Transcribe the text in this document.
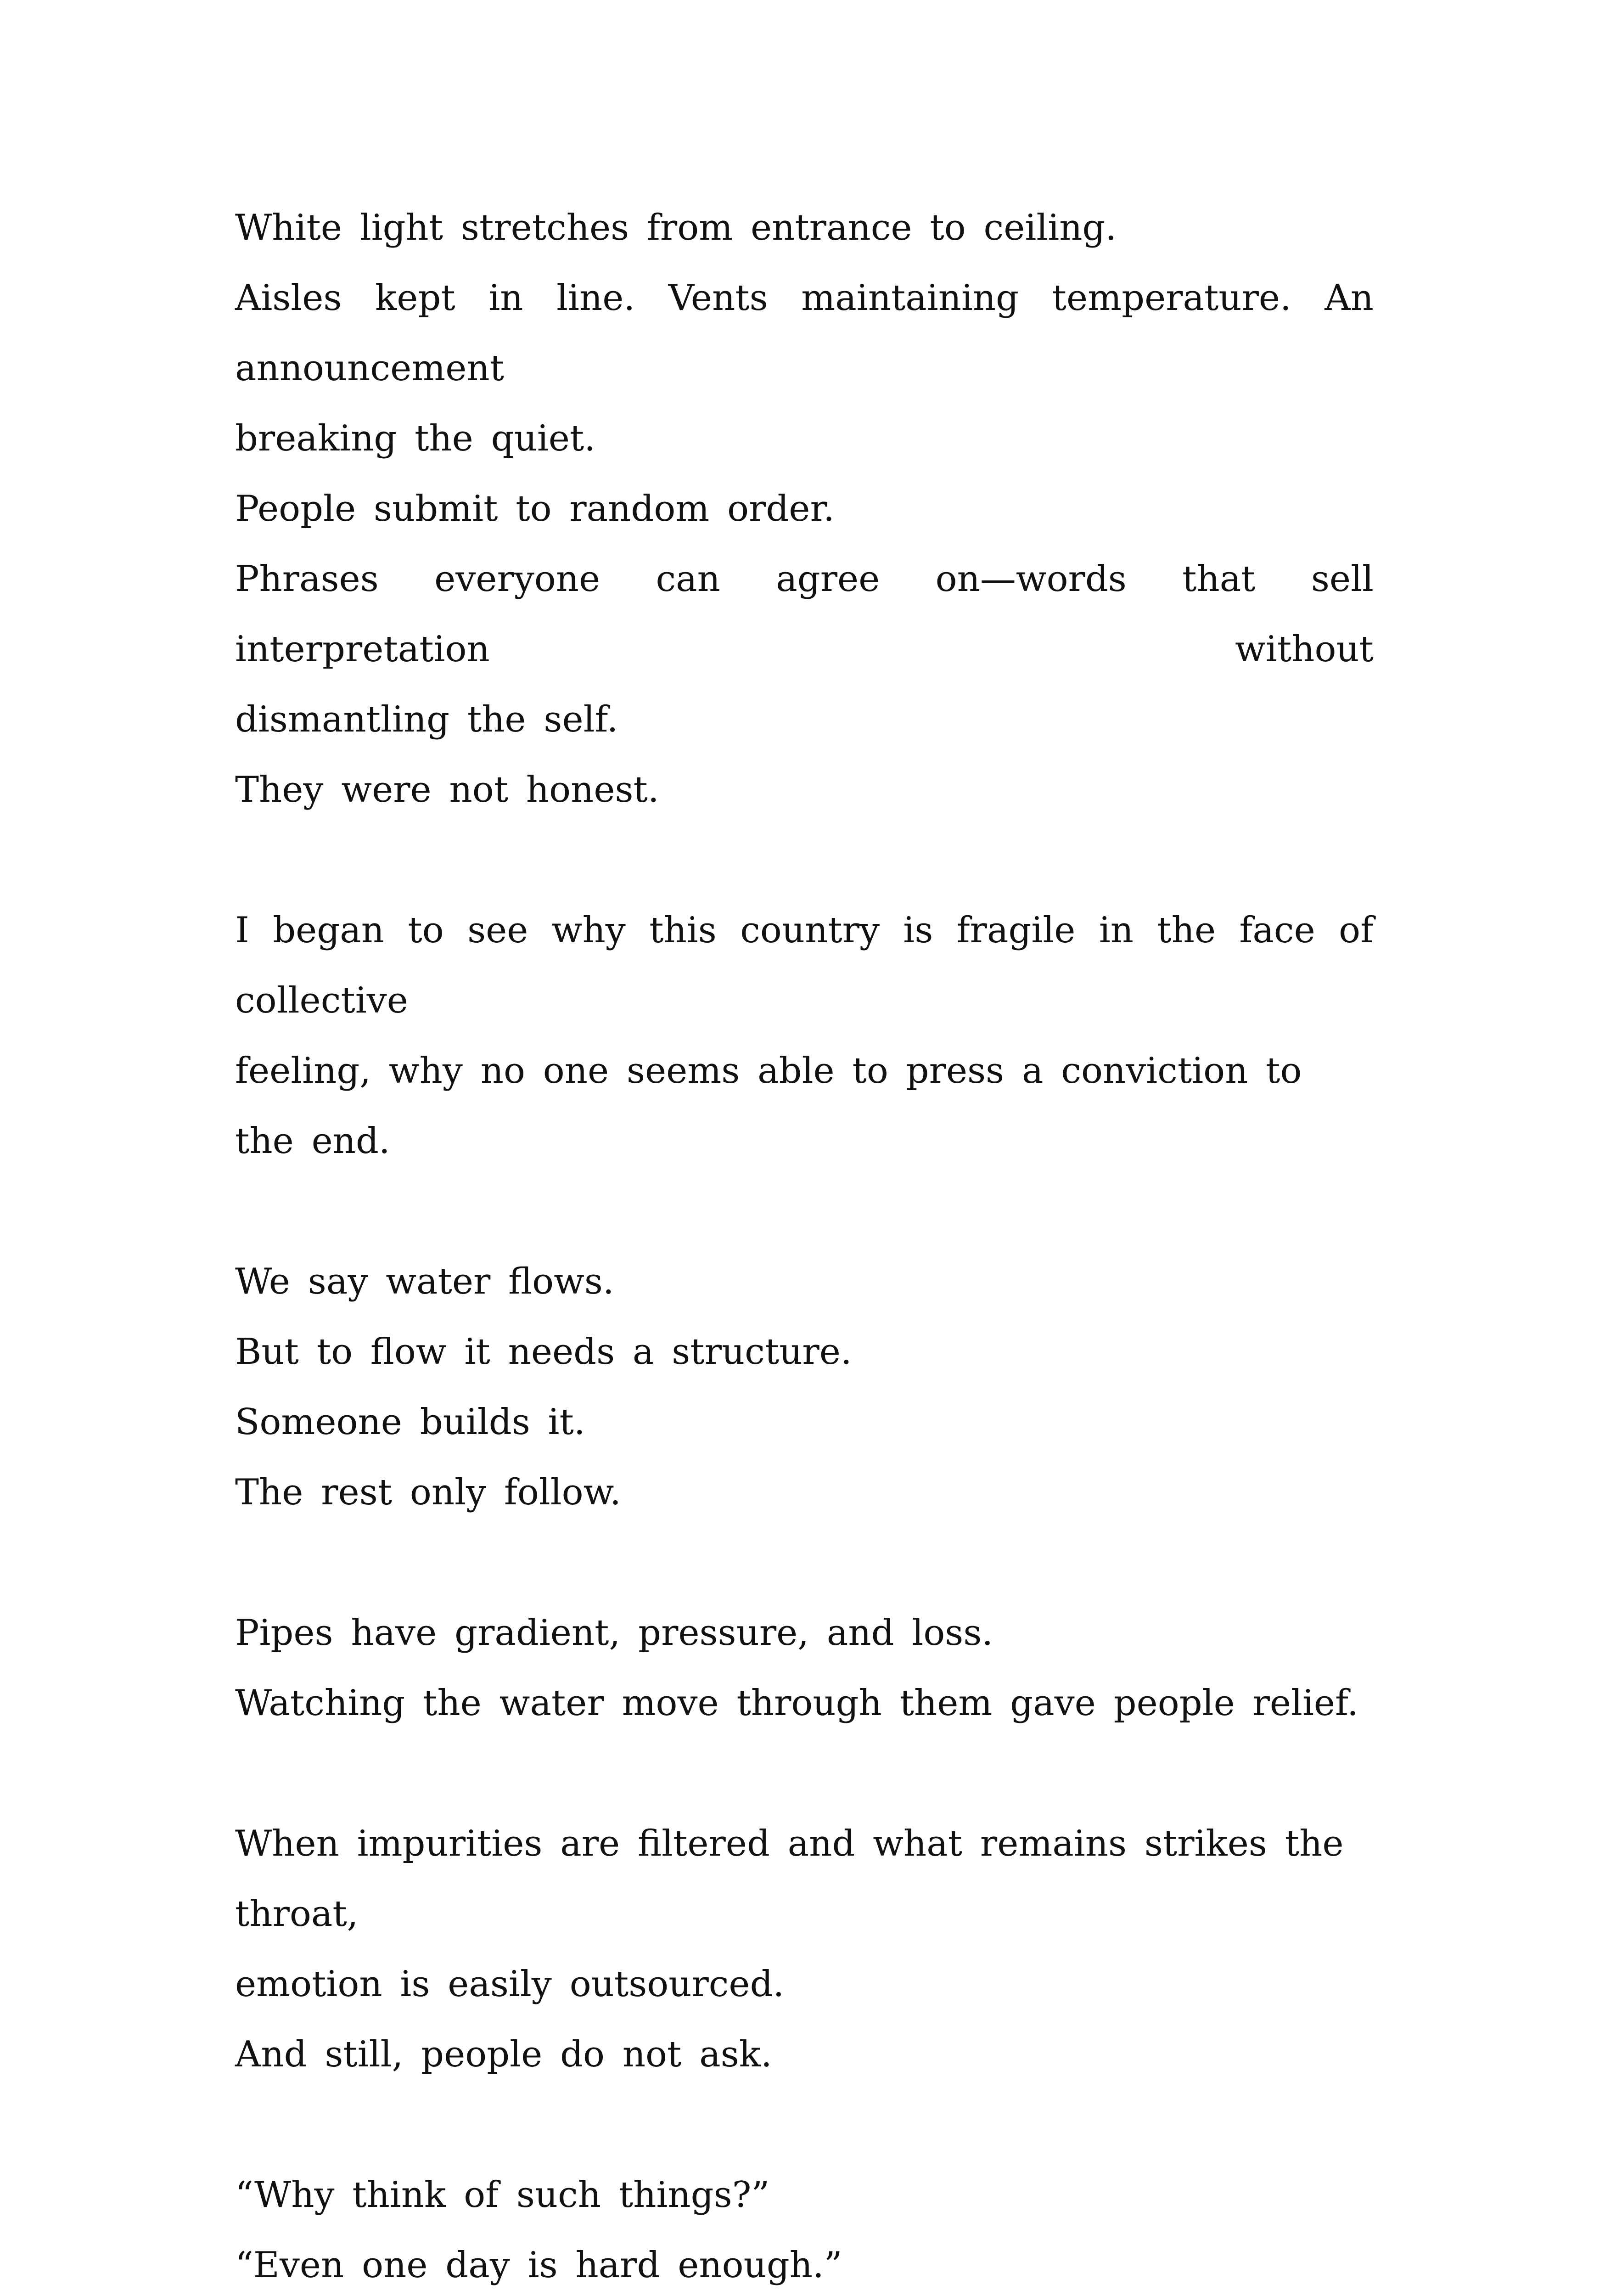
White light stretches from entrance to ceiling.
Aisles kept in line. Vents maintaining temperature. An announcement
breaking the quiet.
People submit to random order.
Phrases everyone can agree on—words that sell interpretation without
dismantling the self.
They were not honest.
I began to see why this country is fragile in the face of collective
feeling, why no one seems able to press a conviction to the end.
We say water flows.
But to flow it needs a structure.
Someone builds it.
The rest only follow.
Pipes have gradient, pressure, and loss.
Watching the water move through them gave people relief.
When impurities are filtered and what remains strikes the throat,
emotion is easily outsourced.
And still, people do not ask.
“Why think of such things?”
“Even one day is hard enough.”
